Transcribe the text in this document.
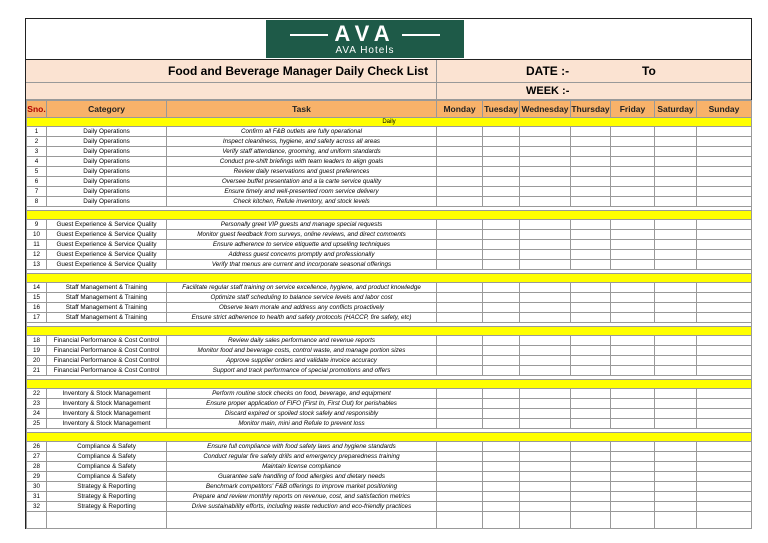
AVA
AVA Hotels
Food and Beverage Manager Daily Check List	DATE :-	To
WEEK :-
Sno.	Category	Task	Monday	Tuesday	Wednesday	Thursday	Friday	Saturday	Sunday
Daily									
1	Daily Operations	Confirm all F&B outlets are fully operational							
2	Daily Operations	Inspect cleanliness, hygiene, and safety across all areas							
3	Daily Operations	Verify staff attendance, grooming, and uniform standards							
4	Daily Operations	Conduct pre-shift briefings with team leaders to align goals							
5	Daily Operations	Review daily reservations and guest preferences							
6	Daily Operations	Oversee buffet presentation and a la carte service quality							
7	Daily Operations	Ensure timely and well-presented room service delivery							
8	Daily Operations	Check kitchen, Refule inventory, and stock levels							

9	Guest Experience & Service Quality	Personally greet VIP guests and manage special requests							
10	Guest Experience & Service Quality	Monitor guest feedback from surveys, online reviews, and direct comments							
11	Guest Experience & Service Quality	Ensure adherence to service etiquette and upselling techniques							
12	Guest Experience & Service Quality	Address guest concerns promptly and professionally							
13	Guest Experience & Service Quality	Verify that menus are current and incorporate seasonal offerings							

14	Staff Management & Training	Facilitate regular staff training on service excellence, hygiene, and product knowledge							
15	Staff Management & Training	Optimize staff scheduling to balance service levels and labor cost							
16	Staff Management & Training	Observe team morale and address any conflicts proactively							
17	Staff Management & Training	Ensure strict adherence to health and safety protocols (HACCP, fire safety, etc)							

18	Financial Performance & Cost Control	Review daily sales performance and revenue reports							
19	Financial Performance & Cost Control	Monitor food and beverage costs, control waste, and manage portion sizes							
20	Financial Performance & Cost Control	Approve supplier orders and validate invoice accuracy							
21	Financial Performance & Cost Control	Support and track performance of special promotions and offers							

22	Inventory & Stock Management	Perform routine stock checks on food, beverage, and equipment							
23	Inventory & Stock Management	Ensure proper application of FIFO (First In, First Out) for perishables							
24	Inventory & Stock Management	Discard expired or spoiled stock safely and responsibly							
25	Inventory & Stock Management	Monitor main, mini and Refule to prevent loss							

26	Compliance & Safety	Ensure full compliance with food safety laws and hygiene standards							
27	Compliance & Safety	Conduct regular fire safety drills and emergency preparedness training							
28	Compliance & Safety	Maintain license compliance							
29	Compliance & Safety	Guarantee safe handling of food allergies and dietary needs							
30	Strategy & Reporting	Benchmark competitors' F&B offerings to improve market positioning							
31	Strategy & Reporting	Prepare and review monthly reports on revenue, cost, and satisfaction metrics							
32	Strategy & Reporting	Drive sustainability efforts, including waste reduction and eco-friendly practices							
